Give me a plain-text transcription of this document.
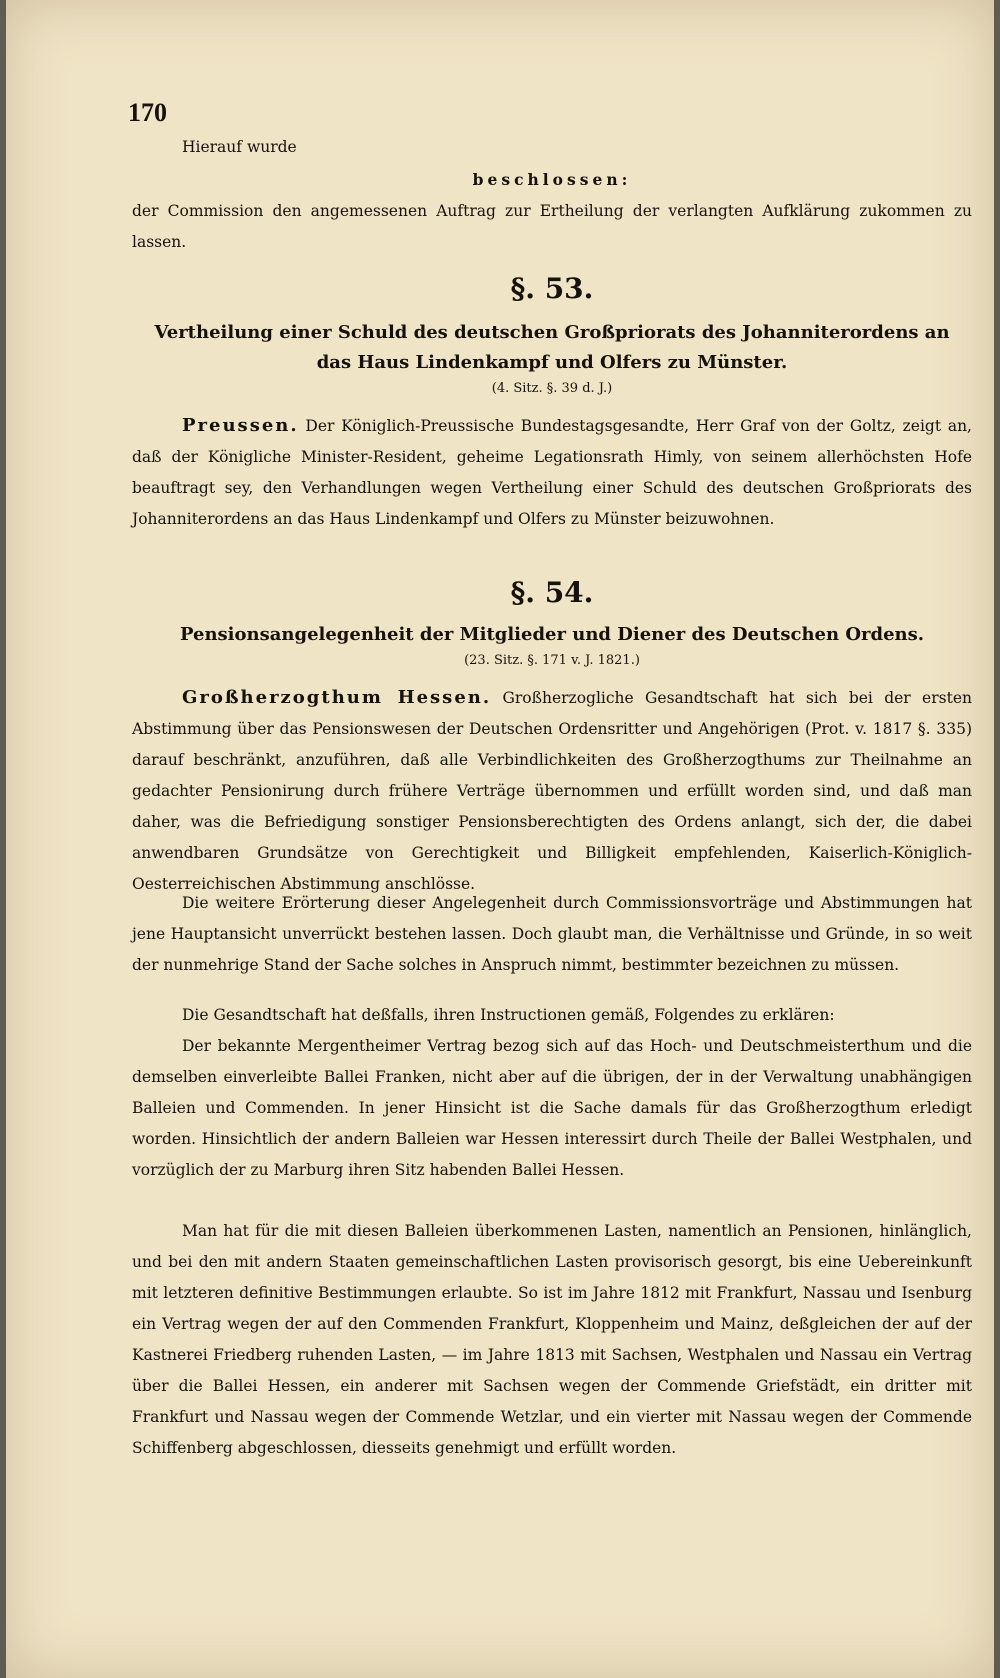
170

Hierauf wurde

beschlossen:

der Commission den angemessenen Auftrag zur Ertheilung der verlangten Aufklärung zukommen zu lassen.

§. 53.
Vertheilung einer Schuld des deutschen Großpriorats des Johanniterordens an
das Haus Lindenkampf und Olfers zu Münster.
(4. Sitz. §. 39 d. J.)

Preussen. Der Königlich-Preussische Bundestagsgesandte, Herr Graf von der Goltz, zeigt an, daß der Königliche Minister-Resident, geheime Legationsrath Himly, von seinem allerhöchsten Hofe beauftragt sey, den Verhandlungen wegen Vertheilung einer Schuld des deutschen Großpriorats des Johanniterordens an das Haus Lindenkampf und Olfers zu Münster beizuwohnen.

§. 54.
Pensionsangelegenheit der Mitglieder und Diener des Deutschen Ordens.
(23. Sitz. §. 171 v. J. 1821.)

Großherzogthum Hessen. Großherzogliche Gesandtschaft hat sich bei der ersten Abstimmung über das Pensionswesen der Deutschen Ordensritter und Angehörigen (Prot. v. 1817 §. 335) darauf beschränkt, anzuführen, daß alle Verbindlichkeiten des Großherzogthums zur Theilnahme an gedachter Pensionirung durch frühere Verträge übernommen und erfüllt worden sind, und daß man daher, was die Befriedigung sonstiger Pensionsberechtigten des Ordens anlangt, sich der, die dabei anwendbaren Grundsätze von Gerechtigkeit und Billigkeit empfehlenden, Kaiserlich-Königlich-Oesterreichischen Abstimmung anschlösse.

Die weitere Erörterung dieser Angelegenheit durch Commissionsvorträge und Abstimmungen hat jene Hauptansicht unverrückt bestehen lassen. Doch glaubt man, die Verhältnisse und Gründe, in so weit der nunmehrige Stand der Sache solches in Anspruch nimmt, bestimmter bezeichnen zu müssen.

Die Gesandtschaft hat deßfalls, ihren Instructionen gemäß, Folgendes zu erklären:

Der bekannte Mergentheimer Vertrag bezog sich auf das Hoch- und Deutschmeisterthum und die demselben einverleibte Ballei Franken, nicht aber auf die übrigen, der in der Verwaltung unabhängigen Balleien und Commenden. In jener Hinsicht ist die Sache damals für das Großherzogthum erledigt worden. Hinsichtlich der andern Balleien war Hessen interessirt durch Theile der Ballei Westphalen, und vorzüglich der zu Marburg ihren Sitz habenden Ballei Hessen.

Man hat für die mit diesen Balleien überkommenen Lasten, namentlich an Pensionen, hinlänglich, und bei den mit andern Staaten gemeinschaftlichen Lasten provisorisch gesorgt, bis eine Uebereinkunft mit letzteren definitive Bestimmungen erlaubte. So ist im Jahre 1812 mit Frankfurt, Nassau und Isenburg ein Vertrag wegen der auf den Commenden Frankfurt, Kloppenheim und Mainz, deßgleichen der auf der Kastnerei Friedberg ruhenden Lasten, — im Jahre 1813 mit Sachsen, Westphalen und Nassau ein Vertrag über die Ballei Hessen, ein anderer mit Sachsen wegen der Commende Griefstädt, ein dritter mit Frankfurt und Nassau wegen der Commende Wetzlar, und ein vierter mit Nassau wegen der Commende Schiffenberg abgeschlossen, diesseits genehmigt und erfüllt worden.
